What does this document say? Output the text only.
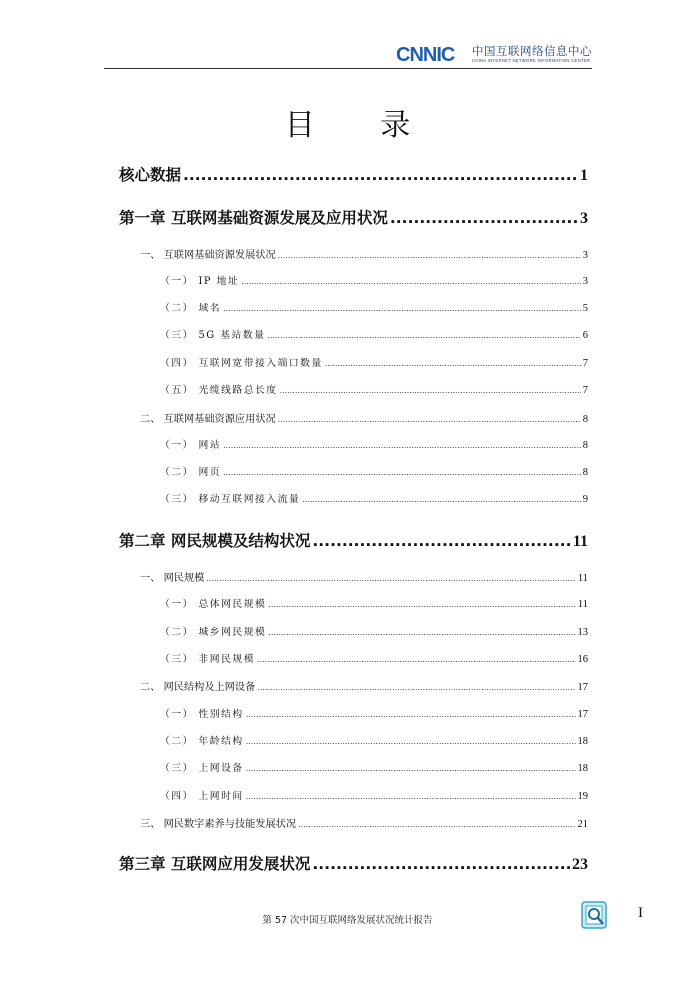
CNNIC 中国互联网络信息中心
CHINA INTERNET NETWORK INFORMATION CENTER
目 录
核心数据 .....	1
第一章 互联网基础资源发展及应用状况 .....	3
一、 互联网基础资源发展状况 .....	3
（一） IP 地址 .....	3
（二） 域名 .....	5
（三） 5G 基站数量 .....	6
（四） 互联网宽带接入端口数量 .....	7
（五） 光缆线路总长度 .....	7
二、 互联网基础资源应用状况 .....	8
（一） 网站 .....	8
（二） 网页 .....	8
（三） 移动互联网接入流量 .....	9
第二章 网民规模及结构状况 .....	11
一、 网民规模 .....	11
（一） 总体网民规模 .....	11
（二） 城乡网民规模 .....	13
（三） 非网民规模 .....	16
二、 网民结构及上网设备 .....	17
（一） 性别结构 .....	17
（二） 年龄结构 .....	18
（三） 上网设备 .....	18
（四） 上网时间 .....	19
三、 网民数字素养与技能发展状况 .....	21
第三章 互联网应用发展状况 .....	23
第 57 次中国互联网络发展状况统计报告	I
